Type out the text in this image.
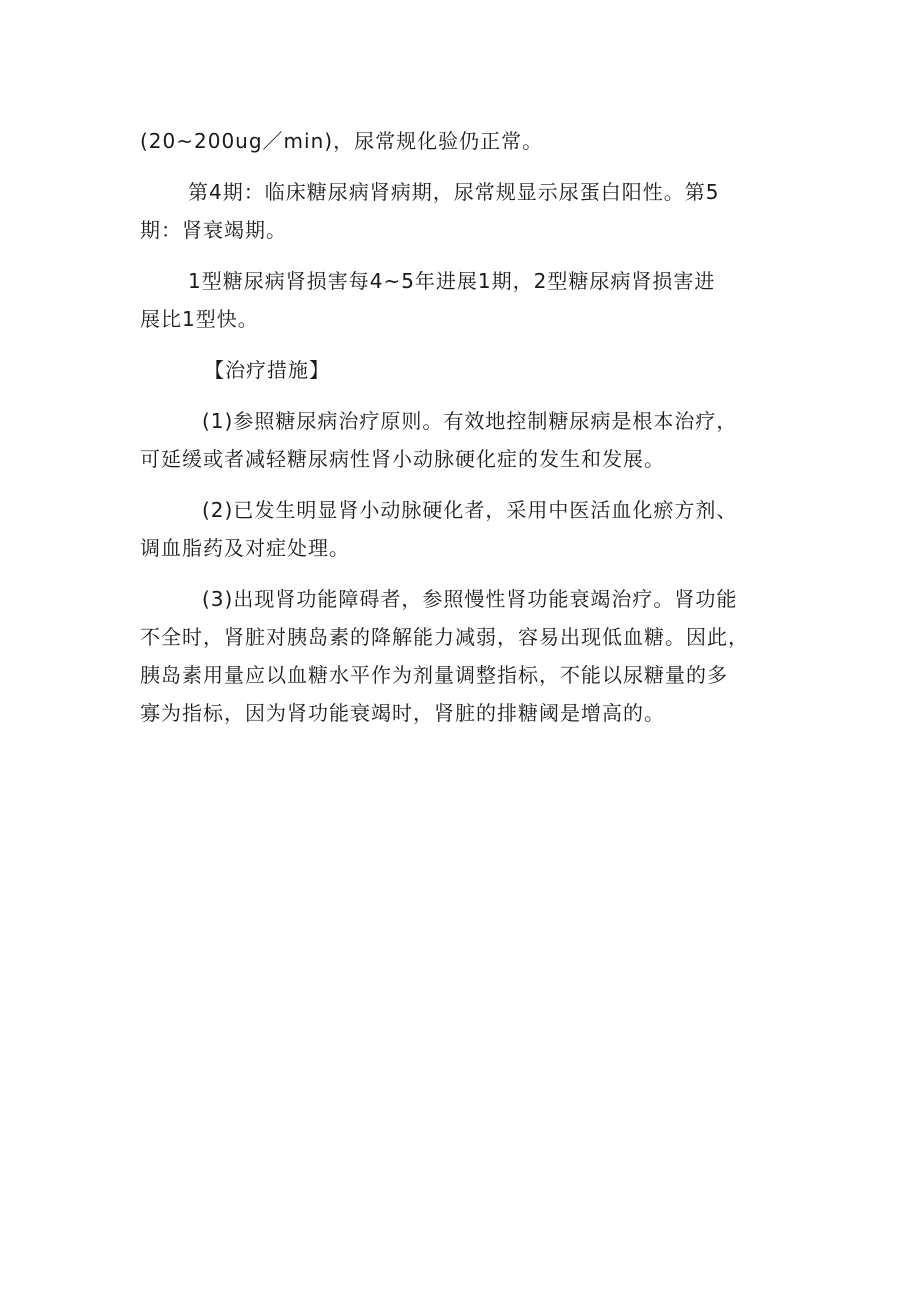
(20~200ug／min)，尿常规化验仍正常。

第4期：临床糖尿病肾病期，尿常规显示尿蛋白阳性。第5

期：肾衰竭期。

1型糖尿病肾损害每4~5年进展1期，2型糖尿病肾损害进

展比1型快。

【治疗措施】

(1)参照糖尿病治疗原则。有效地控制糖尿病是根本治疗，

可延缓或者减轻糖尿病性肾小动脉硬化症的发生和发展。

(2)已发生明显肾小动脉硬化者，采用中医活血化瘀方剂、

调血脂药及对症处理。

(3)出现肾功能障碍者，参照慢性肾功能衰竭治疗。肾功能

不全时，肾脏对胰岛素的降解能力减弱，容易出现低血糖。因此，

胰岛素用量应以血糖水平作为剂量调整指标，不能以尿糖量的多

寡为指标，因为肾功能衰竭时，肾脏的排糖阈是增高的。
